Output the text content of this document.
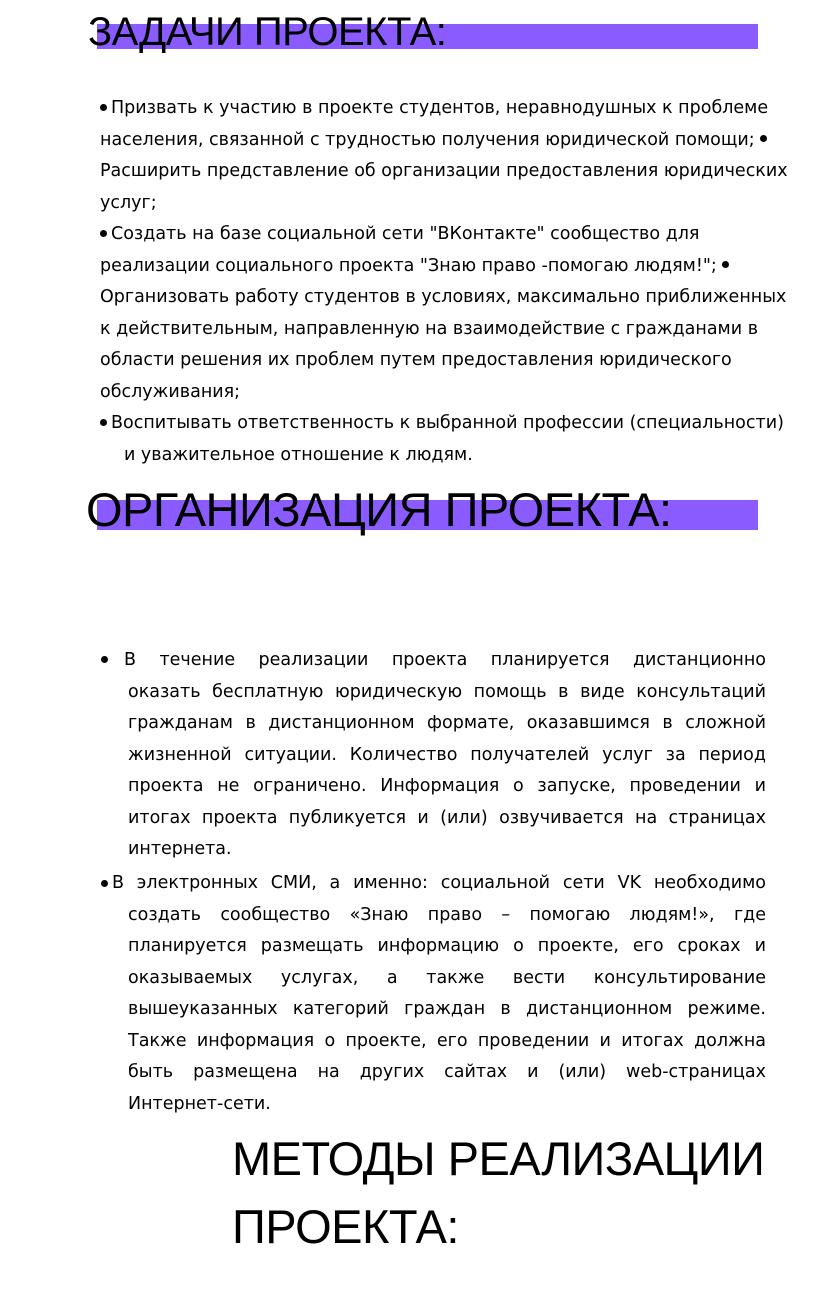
ЗАДАЧИ ПРОЕКТА:
Призвать к участию в проекте студентов, неравнодушных к проблеме
населения, связанной с трудностью получения юридической помощи;
Расширить представление об организации предоставления юридических
услуг;
Создать на базе социальной сети "ВКонтакте" сообщество для
реализации социального проекта "Знаю право -помогаю людям!";
Организовать работу студентов в условиях, максимально приближенных
к действительным, направленную на взаимодействие с гражданами в
области решения их проблем путем предоставления юридического
обслуживания;
Воспитывать ответственность к выбранной профессии (специальности)
и уважительное отношение к людям.
ОРГАНИЗАЦИЯ ПРОЕКТА:
В течение реализации проекта планируется дистанционно
оказать бесплатную юридическую помощь в виде консультаций гражданам в дистанционном формате, оказавшимся в сложной жизненной ситуации. Количество получателей услуг за период проекта не ограничено. Информация о запуске, проведении и итогах проекта публикуется и (или) озвучивается на страницах интернета.
В электронных СМИ, а именно: социальной сети VK необходимо
создать сообщество «Знаю право – помогаю людям!», где планируется размещать информацию о проекте, его сроках и оказываемых услугах, а также вести консультирование вышеуказанных категорий граждан в дистанционном режиме. Также информация о проекте, его проведении и итогах должна быть размещена на других сайтах и (или) web-страницах Интернет-сети.
МЕТОДЫ РЕАЛИЗАЦИИ
ПРОЕКТА:
